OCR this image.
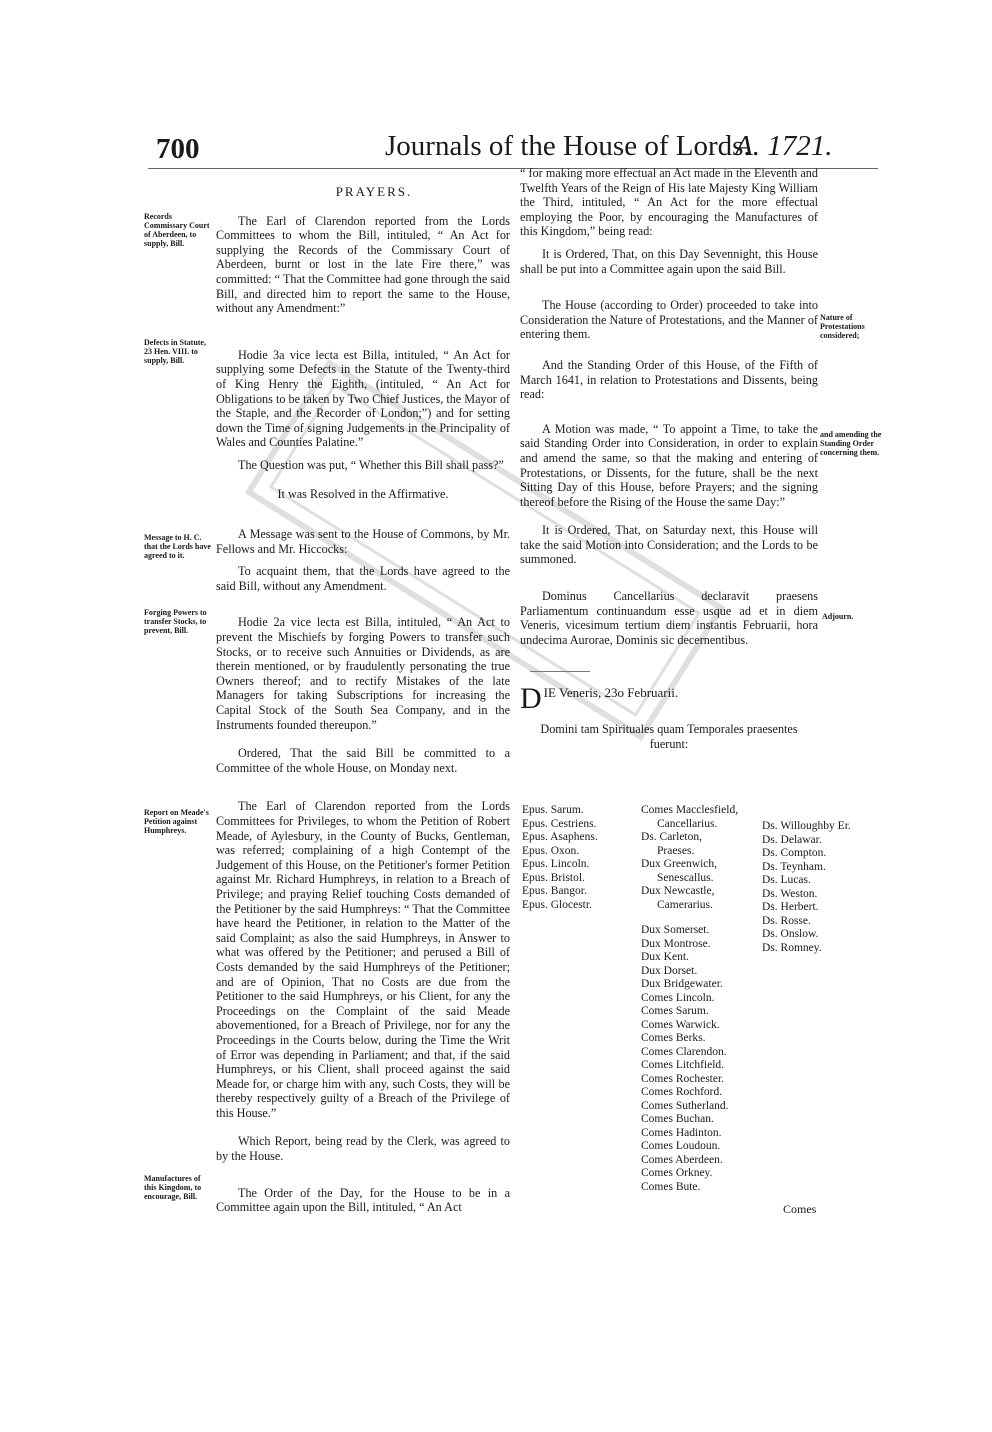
700	Journals of the House of Lords.
A. 1721.
Records Commissary Court of Aberdeen, to supply, Bill.
Defects in Statute, 23 Hen. VIII. to supply, Bill.
Message to H. C. that the Lords have agreed to it.
Forging Powers to transfer Stocks, to prevent, Bill.
Report on Meade's Petition against Humphreys.
Manufactures of this Kingdom, to encourage, Bill.

PRAYERS.

The Earl of Clarendon reported from the Lords Committees to whom the Bill, intituled, “ An Act for supplying the Records of the Commissary Court of Aberdeen, burnt or lost in the late Fire there,” was committed: “ That the Committee had gone through the said Bill, and directed him to report the same to the House, without any Amendment:”

Hodie 3a vice lecta est Billa, intituled, “ An Act for supplying some Defects in the Statute of the Twenty-third of King Henry the Eighth, (intituled, “ An Act for Obligations to be taken by Two Chief Justices, the Mayor of the Staple, and the Recorder of London;”) and for setting down the Time of signing Judgements in the Principality of Wales and Counties Palatine.”

The Question was put, “ Whether this Bill shall pass?”

It was Resolved in the Affirmative.

A Message was sent to the House of Commons, by Mr. Fellows and Mr. Hiccocks:

To acquaint them, that the Lords have agreed to the said Bill, without any Amendment.

Hodie 2a vice lecta est Billa, intituled, “ An Act to prevent the Mischiefs by forging Powers to transfer such Stocks, or to receive such Annuities or Dividends, as are therein mentioned, or by fraudulently personating the true Owners thereof; and to rectify Mistakes of the late Managers for taking Subscriptions for increasing the Capital Stock of the South Sea Company, and in the Instruments founded thereupon.”

Ordered, That the said Bill be committed to a Committee of the whole House, on Monday next.

The Earl of Clarendon reported from the Lords Committees for Privileges, to whom the Petition of Robert Meade, of Aylesbury, in the County of Bucks, Gentleman, was referred; complaining of a high Contempt of the Judgement of this House, on the Petitioner's former Petition against Mr. Richard Humphreys, in relation to a Breach of Privilege; and praying Relief touching Costs demanded of the Petitioner by the said Humphreys: “ That the Committee have heard the Petitioner, in relation to the Matter of the said Complaint; as also the said Humphreys, in Answer to what was offered by the Petitioner; and perused a Bill of Costs demanded by the said Humphreys of the Petitioner; and are of Opinion, That no Costs are due from the Petitioner to the said Humphreys, or his Client, for any the Proceedings on the Complaint of the said Meade abovementioned, for a Breach of Privilege, nor for any the Proceedings in the Courts below, during the Time the Writ of Error was depending in Parliament; and that, if the said Humphreys, or his Client, shall proceed against the said Meade for, or charge him with any, such Costs, they will be thereby respectively guilty of a Breach of the Privilege of this House.”

Which Report, being read by the Clerk, was agreed to by the House.

The Order of the Day, for the House to be in a Committee again upon the Bill, intituled, “ An Act

Nature of Protestations considered;
and amending the Standing Order concerning them.
Adjourn.

“ for making more effectual an Act made in the Eleventh and Twelfth Years of the Reign of His late Majesty King William the Third, intituled, “ An Act for the more effectual employing the Poor, by encouraging the Manufactures of this Kingdom,” being read:

It is Ordered, That, on this Day Sevennight, this House shall be put into a Committee again upon the said Bill.

The House (according to Order) proceeded to take into Consideration the Nature of Protestations, and the Manner of entering them.

And the Standing Order of this House, of the Fifth of March 1641, in relation to Protestations and Dissents, being read:

A Motion was made, “ To appoint a Time, to take the said Standing Order into Consideration, in order to explain and amend the same, so that the making and entering of Protestations, or Dissents, for the future, shall be the next Sitting Day of this House, before Prayers; and the signing thereof before the Rising of the House the same Day:”

It is Ordered, That, on Saturday next, this House will take the said Motion into Consideration; and the Lords to be summoned.

Dominus Cancellarius declaravit praesens Parliamentum continuandum esse usque ad et in diem Veneris, vicesimum tertium diem instantis Februarii, hora undecima Aurorae, Dominis sic decernentibus.

D IE Veneris, 23o Februarii.

Domini tam Spirituales quam Temporales praesentes fuerunt:

Epus. Sarum.
Epus. Cestriens.
Epus. Asaphens.
Epus. Oxon.
Epus. Lincoln.
Epus. Bristol.
Epus. Bangor.
Epus. Glocestr.
Comes Macclesfield,
Cancellarius.
Ds. Carleton,
Praeses.
Dux Greenwich,
Senescallus.
Dux Newcastle,
Camerarius.
Dux Somerset.
Dux Montrose.
Dux Kent.
Dux Dorset.
Dux Bridgewater.
Comes Lincoln.
Comes Sarum.
Comes Warwick.
Comes Berks.
Comes Clarendon.
Comes Litchfield.
Comes Rochester.
Comes Rochford.
Comes Sutherland.
Comes Buchan.
Comes Hadinton.
Comes Loudoun.
Comes Aberdeen.
Comes Orkney.
Comes Bute.
Ds. Willoughby Er.
Ds. Delawar.
Ds. Compton.
Ds. Teynham.
Ds. Lucas.
Ds. Weston.
Ds. Herbert.
Ds. Rosse.
Ds. Onslow.
Ds. Romney.
Comes
